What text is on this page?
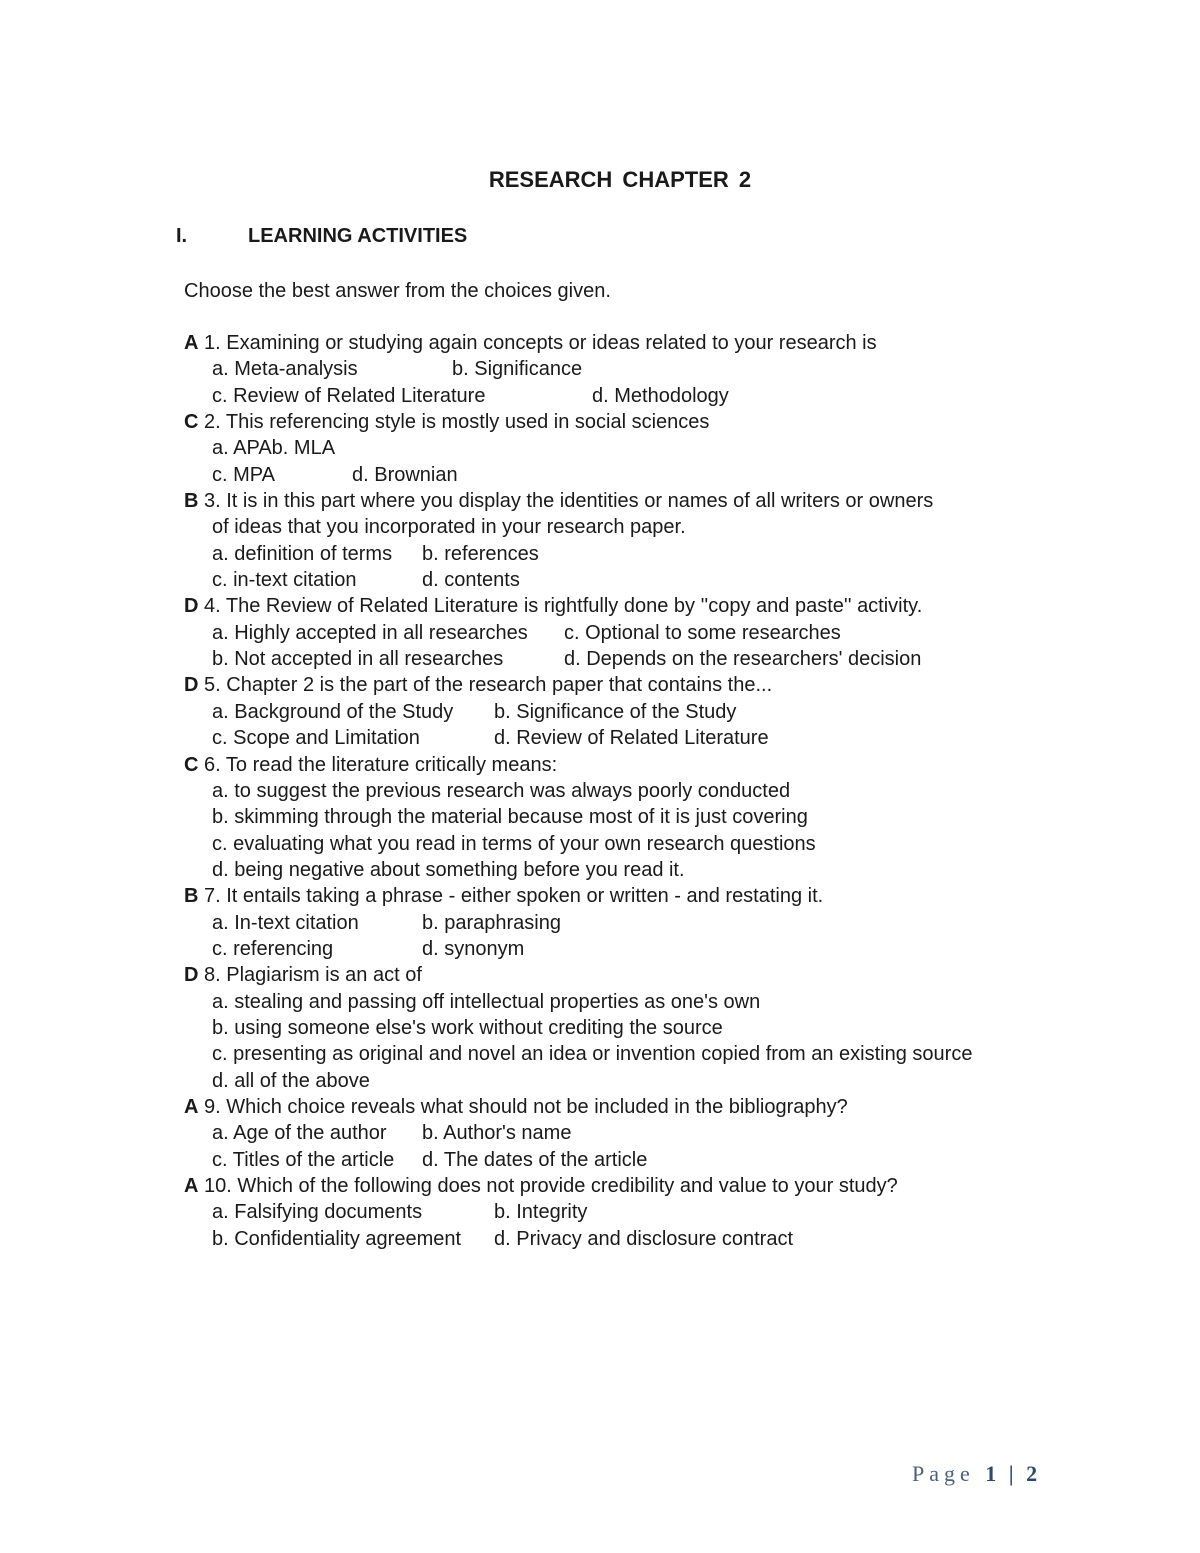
RESEARCH CHAPTER 2
I.	LEARNING ACTIVITIES
Choose the best answer from the choices given.
A 1. Examining or studying again concepts or ideas related to your research is
a. Meta-analysis	b. Significance
c. Review of Related Literature	d. Methodology
C 2. This referencing style is mostly used in social sciences
a. APAb. MLA
c. MPA	d. Brownian
B 3. It is in this part where you display the identities or names of all writers or owners
of ideas that you incorporated in your research paper.
a. definition of terms b. references
c. in-text citation	d. contents
D 4. The Review of Related Literature is rightfully done by ''copy and paste'' activity.
a. Highly accepted in all researches c. Optional to some researches
b. Not accepted in all researches	d. Depends on the researchers' decision
D 5. Chapter 2 is the part of the research paper that contains the...
a. Background of the Study b. Significance of the Study
c. Scope and Limitation	d. Review of Related Literature
C 6. To read the literature critically means:
a. to suggest the previous research was always poorly conducted
b. skimming through the material because most of it is just covering
c. evaluating what you read in terms of your own research questions
d. being negative about something before you read it.
B 7. It entails taking a phrase - either spoken or written - and restating it.
a. In-text citation	b. paraphrasing
c. referencing	d. synonym
D 8. Plagiarism is an act of
a. stealing and passing off intellectual properties as one's own
b. using someone else's work without crediting the source
c. presenting as original and novel an idea or invention copied from an existing source
d. all of the above
A 9. Which choice reveals what should not be included in the bibliography?
a. Age of the author b. Author's name
c. Titles of the article d. The dates of the article
A 10. Which of the following does not provide credibility and value to your study?
a. Falsifying documents	b. Integrity
b. Confidentiality agreement d. Privacy and disclosure contract
Page 1 | 2
